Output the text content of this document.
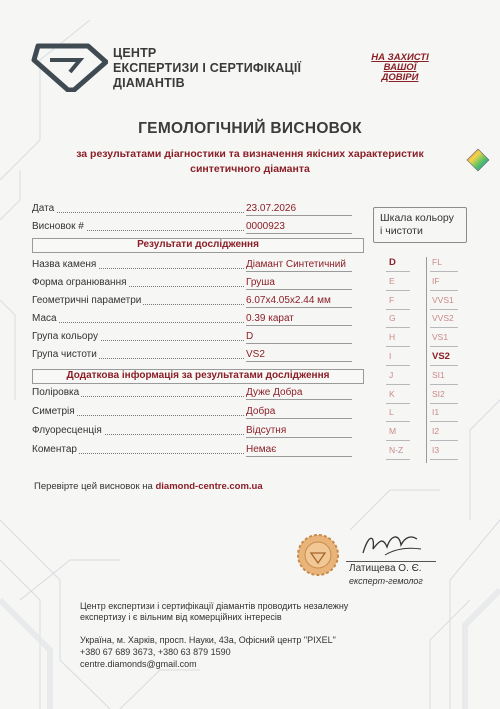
ЦЕНТР
ЕКСПЕРТИЗИ І СЕРТИФІКАЦІЇ
ДІАМАНТІВ
НА ЗАХИСТІ
ВАШОЇ
ДОВІРИ
ГЕМОЛОГІЧНИЙ ВИСНОВОК
за результатами діагностики та визначення якісних характеристик
синтетичного діаманта
Дата	23.07.2026
Висновок #	0000923
Результати дослідження
Назва каменя	Діамант Синтетичний
Форма огранювання	Груша
Геометричні параметри	6.07x4.05x2.44 мм
Маса	0.39 карат
Група кольору	D
Група чистоти	VS2
Додаткова інформація за результатами дослідження
Поліровка	Дуже Добра
Симетрія	Добра
Флуоресценція	Відсутня
Коментар	Немає
Шкала кольору
і чистоти
D	FL
E	IF
F	VVS1
G	VVS2
H	VS1
I	VS2
J	SI1
K	SI2
L	I1
M	I2
N-Z	I3
Перевірте цей висновок на diamond-centre.com.ua
Латищева О. Є.
експерт-гемолог
Центр експертизи і сертифікації діамантів проводить незалежну
експертизу і є вільним від комерційних інтересів
Україна, м. Харків, просп. Науки, 43а, Офісний центр "PIXEL"
+380 67 689 3673, +380 63 879 1590
centre.diamonds@gmail.com
